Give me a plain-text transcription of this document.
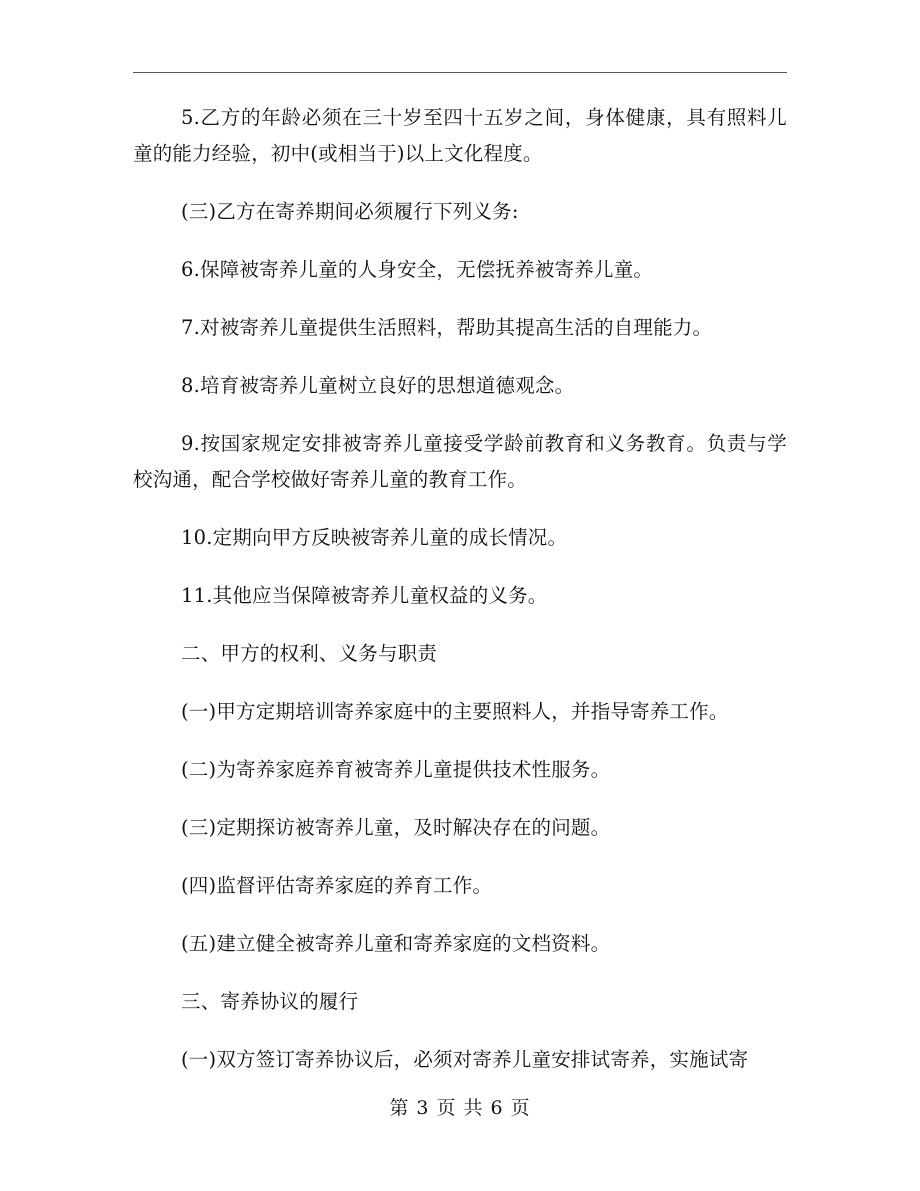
5.乙方的年龄必须在三十岁至四十五岁之间，身体健康，具有照料儿童的能力经验，初中(或相当于)以上文化程度。

(三)乙方在寄养期间必须履行下列义务:

6.保障被寄养儿童的人身安全，无偿抚养被寄养儿童。

7.对被寄养儿童提供生活照料，帮助其提高生活的自理能力。

8.培育被寄养儿童树立良好的思想道德观念。

9.按国家规定安排被寄养儿童接受学龄前教育和义务教育。负责与学校沟通，配合学校做好寄养儿童的教育工作。

10.定期向甲方反映被寄养儿童的成长情况。

11.其他应当保障被寄养儿童权益的义务。

二、甲方的权利、义务与职责

(一)甲方定期培训寄养家庭中的主要照料人，并指导寄养工作。

(二)为寄养家庭养育被寄养儿童提供技术性服务。

(三)定期探访被寄养儿童，及时解决存在的问题。

(四)监督评估寄养家庭的养育工作。

(五)建立健全被寄养儿童和寄养家庭的文档资料。

三、寄养协议的履行

(一)双方签订寄养协议后，必须对寄养儿童安排试寄养，实施试寄

第 3 页 共 6 页
